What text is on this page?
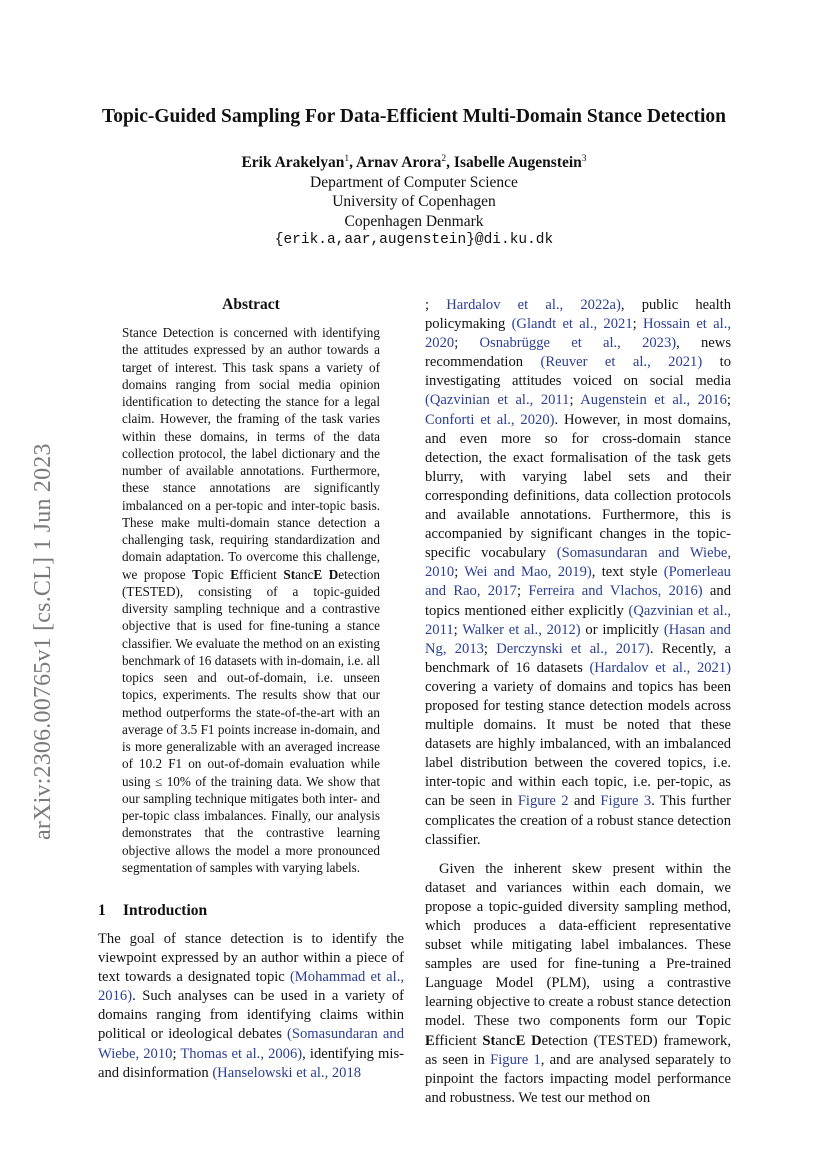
arXiv:2306.00765v1 [cs.CL] 1 Jun 2023
Topic-Guided Sampling For Data-Efficient Multi-Domain Stance Detection
Erik Arakelyan$^1$, Arnav Arora$^2$, Isabelle Augenstein$^3$
Department of Computer Science
University of Copenhagen
Copenhagen Denmark
{erik.a,aar,augenstein}@di.ku.dk
Abstract

Stance Detection is concerned with identifying the attitudes expressed by an author towards a target of interest. This task spans a variety of domains ranging from social media opinion identification to detecting the stance for a legal claim. However, the framing of the task varies within these domains, in terms of the data collection protocol, the label dictionary and the number of available annotations. Furthermore, these stance annotations are significantly imbalanced on a per-topic and inter-topic basis. These make multi-domain stance detection a challenging task, requiring standardization and domain adaptation. To overcome this challenge, we propose Topic Efficient StancE Detection (TESTED), consisting of a topic-guided diversity sampling technique and a contrastive objective that is used for fine-tuning a stance classifier. We evaluate the method on an existing benchmark of 16 datasets with in-domain, i.e. all topics seen and out-of-domain, i.e. unseen topics, experiments. The results show that our method outperforms the state-of-the-art with an average of 3.5 F1 points increase in-domain, and is more generalizable with an averaged increase of 10.2 F1 on out-of-domain evaluation while using ≤ 10% of the training data. We show that our sampling technique mitigates both inter- and per-topic class imbalances. Finally, our analysis demonstrates that the contrastive learning objective allows the model a more pronounced segmentation of samples with varying labels.

1 Introduction

The goal of stance detection is to identify the viewpoint expressed by an author within a piece of text towards a designated topic (Mohammad et al., 2016). Such analyses can be used in a variety of domains ranging from identifying claims within political or ideological debates (Somasundaran and Wiebe, 2010; Thomas et al., 2006), identifying mis- and disinformation (Hanselowski et al., 2018

; Hardalov et al., 2022a), public health policymaking (Glandt et al., 2021; Hossain et al., 2020; Osnabrügge et al., 2023), news recommendation (Reuver et al., 2021) to investigating attitudes voiced on social media (Qazvinian et al., 2011; Augenstein et al., 2016; Conforti et al., 2020). However, in most domains, and even more so for cross-domain stance detection, the exact formalisation of the task gets blurry, with varying label sets and their corresponding definitions, data collection protocols and available annotations. Furthermore, this is accompanied by significant changes in the topic-specific vocabulary (Somasundaran and Wiebe, 2010; Wei and Mao, 2019), text style (Pomerleau and Rao, 2017; Ferreira and Vlachos, 2016) and topics mentioned either explicitly (Qazvinian et al., 2011; Walker et al., 2012) or implicitly (Hasan and Ng, 2013; Derczynski et al., 2017). Recently, a benchmark of 16 datasets (Hardalov et al., 2021) covering a variety of domains and topics has been proposed for testing stance detection models across multiple domains. It must be noted that these datasets are highly imbalanced, with an imbalanced label distribution between the covered topics, i.e. inter-topic and within each topic, i.e. per-topic, as can be seen in Figure 2 and Figure 3. This further complicates the creation of a robust stance detection classifier.

Given the inherent skew present within the dataset and variances within each domain, we propose a topic-guided diversity sampling method, which produces a data-efficient representative subset while mitigating label imbalances. These samples are used for fine-tuning a Pre-trained Language Model (PLM), using a contrastive learning objective to create a robust stance detection model. These two components form our Topic Efficient StancE Detection (TESTED) framework, as seen in Figure 1, and are analysed separately to pinpoint the factors impacting model performance and robustness. We test our method on
